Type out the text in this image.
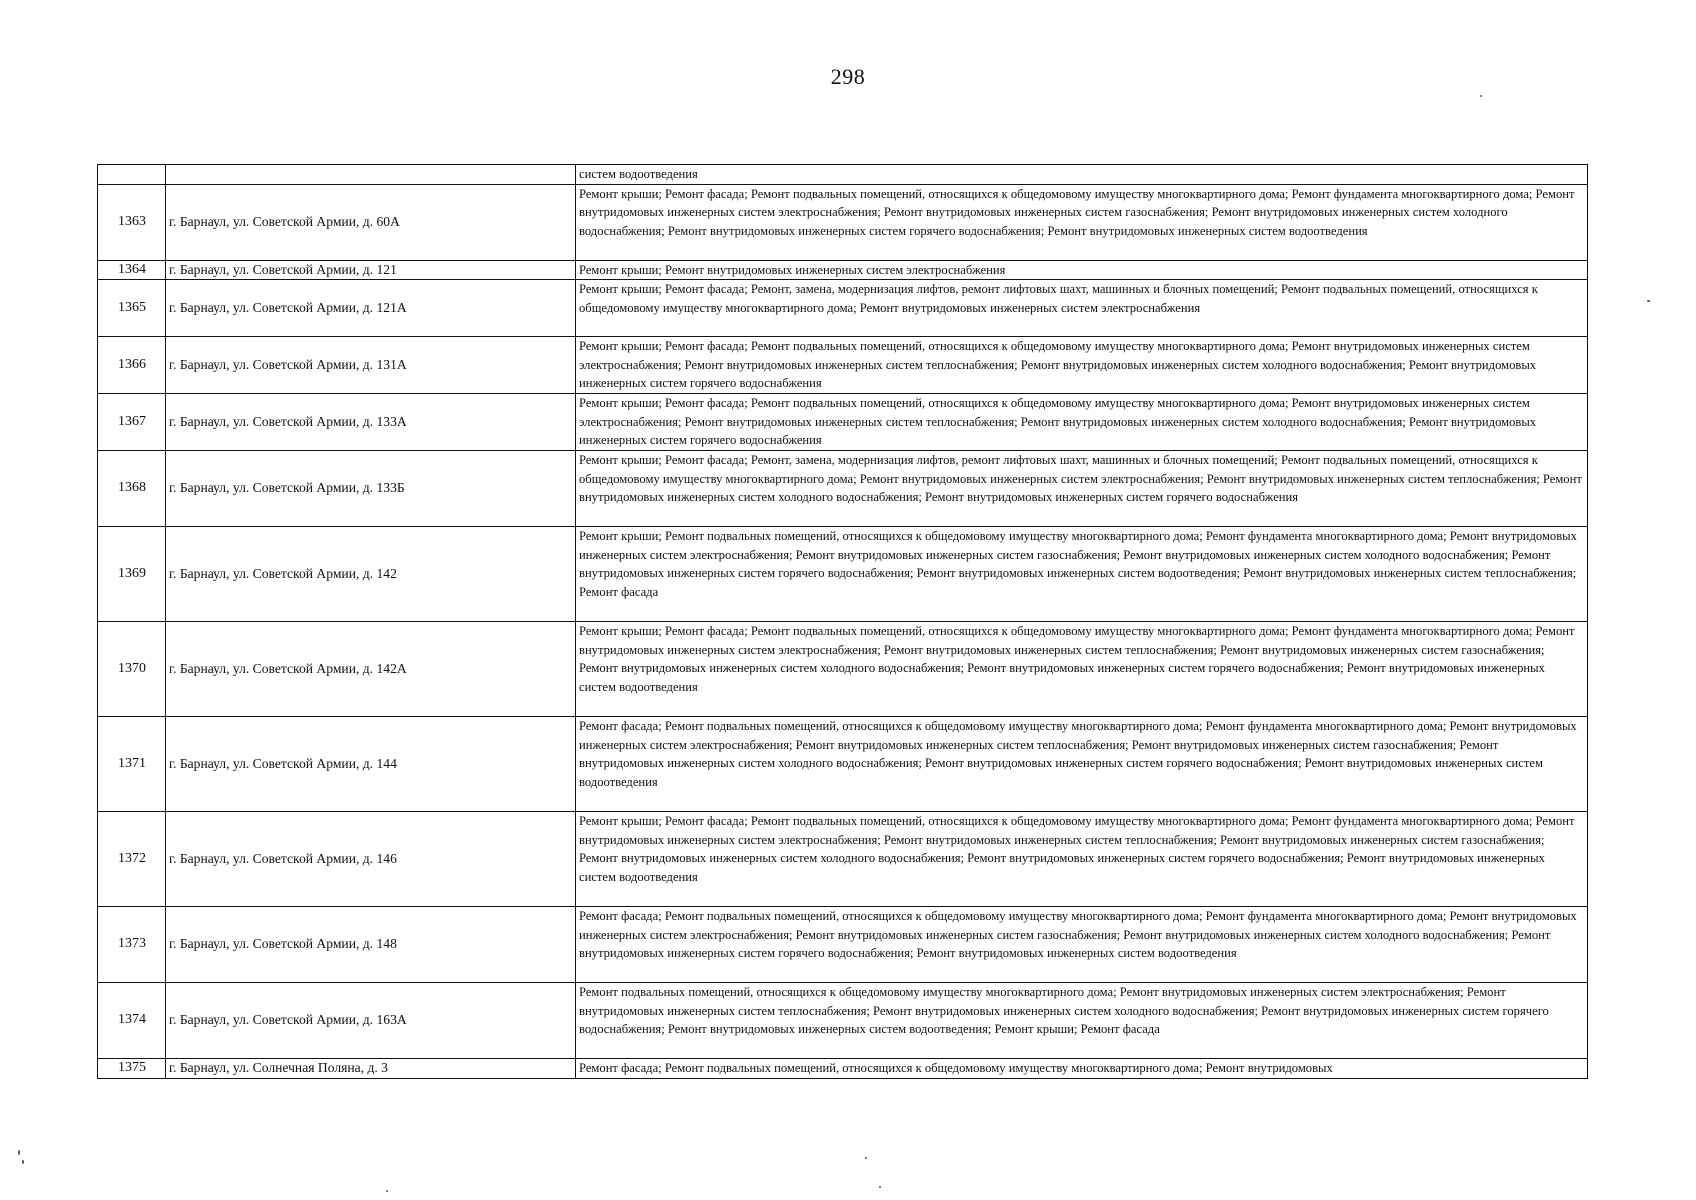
298
		систем водоотведения
1363	г. Барнаул, ул. Советской Армии, д. 60А	Ремонт крыши; Ремонт фасада; Ремонт подвальных помещений, относящихся к общедомовому имуществу многоквартирного дома; Ремонт фундамента многоквартирного дома; Ремонт внутридомовых инженерных систем электроснабжения; Ремонт внутридомовых инженерных систем газоснабжения; Ремонт внутридомовых инженерных систем холодного водоснабжения; Ремонт внутридомовых инженерных систем горячего водоснабжения; Ремонт внутридомовых инженерных систем водоотведения
1364	г. Барнаул, ул. Советской Армии, д. 121	Ремонт крыши; Ремонт внутридомовых инженерных систем электроснабжения
1365	г. Барнаул, ул. Советской Армии, д. 121А	Ремонт крыши; Ремонт фасада; Ремонт, замена, модернизация лифтов, ремонт лифтовых шахт, машинных и блочных помещений; Ремонт подвальных помещений, относящихся к общедомовому имуществу многоквартирного дома; Ремонт внутридомовых инженерных систем электроснабжения
1366	г. Барнаул, ул. Советской Армии, д. 131А	Ремонт крыши; Ремонт фасада; Ремонт подвальных помещений, относящихся к общедомовому имуществу многоквартирного дома; Ремонт внутридомовых инженерных систем электроснабжения; Ремонт внутридомовых инженерных систем теплоснабжения; Ремонт внутридомовых инженерных систем холодного водоснабжения; Ремонт внутридомовых инженерных систем горячего водоснабжения
1367	г. Барнаул, ул. Советской Армии, д. 133А	Ремонт крыши; Ремонт фасада; Ремонт подвальных помещений, относящихся к общедомовому имуществу многоквартирного дома; Ремонт внутридомовых инженерных систем электроснабжения; Ремонт внутридомовых инженерных систем теплоснабжения; Ремонт внутридомовых инженерных систем холодного водоснабжения; Ремонт внутридомовых инженерных систем горячего водоснабжения
1368	г. Барнаул, ул. Советской Армии, д. 133Б	Ремонт крыши; Ремонт фасада; Ремонт, замена, модернизация лифтов, ремонт лифтовых шахт, машинных и блочных помещений; Ремонт подвальных помещений, относящихся к общедомовому имуществу многоквартирного дома; Ремонт внутридомовых инженерных систем электроснабжения; Ремонт внутридомовых инженерных систем теплоснабжения; Ремонт внутридомовых инженерных систем холодного водоснабжения; Ремонт внутридомовых инженерных систем горячего водоснабжения
1369	г. Барнаул, ул. Советской Армии, д. 142	Ремонт крыши; Ремонт подвальных помещений, относящихся к общедомовому имуществу многоквартирного дома; Ремонт фундамента многоквартирного дома; Ремонт внутридомовых инженерных систем электроснабжения; Ремонт внутридомовых инженерных систем газоснабжения; Ремонт внутридомовых инженерных систем холодного водоснабжения; Ремонт внутридомовых инженерных систем горячего водоснабжения; Ремонт внутридомовых инженерных систем водоотведения; Ремонт внутридомовых инженерных систем теплоснабжения; Ремонт фасада
1370	г. Барнаул, ул. Советской Армии, д. 142А	Ремонт крыши; Ремонт фасада; Ремонт подвальных помещений, относящихся к общедомовому имуществу многоквартирного дома; Ремонт фундамента многоквартирного дома; Ремонт внутридомовых инженерных систем электроснабжения; Ремонт внутридомовых инженерных систем теплоснабжения; Ремонт внутридомовых инженерных систем газоснабжения; Ремонт внутридомовых инженерных систем холодного водоснабжения; Ремонт внутридомовых инженерных систем горячего водоснабжения; Ремонт внутридомовых инженерных систем водоотведения
1371	г. Барнаул, ул. Советской Армии, д. 144	Ремонт фасада; Ремонт подвальных помещений, относящихся к общедомовому имуществу многоквартирного дома; Ремонт фундамента многоквартирного дома; Ремонт внутридомовых инженерных систем электроснабжения; Ремонт внутридомовых инженерных систем теплоснабжения; Ремонт внутридомовых инженерных систем газоснабжения; Ремонт внутридомовых инженерных систем холодного водоснабжения; Ремонт внутридомовых инженерных систем горячего водоснабжения; Ремонт внутридомовых инженерных систем водоотведения
1372	г. Барнаул, ул. Советской Армии, д. 146	Ремонт крыши; Ремонт фасада; Ремонт подвальных помещений, относящихся к общедомовому имуществу многоквартирного дома; Ремонт фундамента многоквартирного дома; Ремонт внутридомовых инженерных систем электроснабжения; Ремонт внутридомовых инженерных систем теплоснабжения; Ремонт внутридомовых инженерных систем газоснабжения; Ремонт внутридомовых инженерных систем холодного водоснабжения; Ремонт внутридомовых инженерных систем горячего водоснабжения; Ремонт внутридомовых инженерных систем водоотведения
1373	г. Барнаул, ул. Советской Армии, д. 148	Ремонт фасада; Ремонт подвальных помещений, относящихся к общедомовому имуществу многоквартирного дома; Ремонт фундамента многоквартирного дома; Ремонт внутридомовых инженерных систем электроснабжения; Ремонт внутридомовых инженерных систем газоснабжения; Ремонт внутридомовых инженерных систем холодного водоснабжения; Ремонт внутридомовых инженерных систем горячего водоснабжения; Ремонт внутридомовых инженерных систем водоотведения
1374	г. Барнаул, ул. Советской Армии, д. 163А	Ремонт подвальных помещений, относящихся к общедомовому имуществу многоквартирного дома; Ремонт внутридомовых инженерных систем электроснабжения; Ремонт внутридомовых инженерных систем теплоснабжения; Ремонт внутридомовых инженерных систем холодного водоснабжения; Ремонт внутридомовых инженерных систем горячего водоснабжения; Ремонт внутридомовых инженерных систем водоотведения; Ремонт крыши; Ремонт фасада
1375	г. Барнаул, ул. Солнечная Поляна, д. 3	Ремонт фасада; Ремонт подвальных помещений, относящихся к общедомовому имуществу многоквартирного дома; Ремонт внутридомовых
